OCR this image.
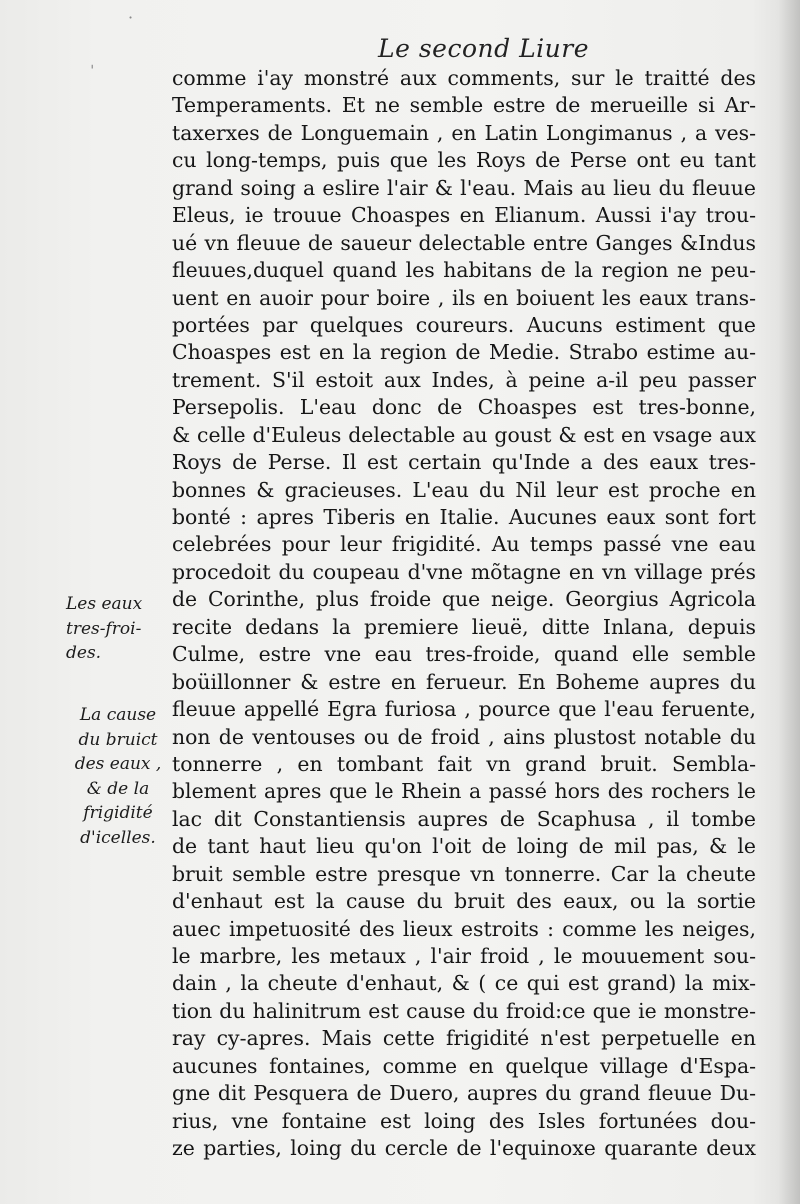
·
ˈ
Le second Liure
comme i'ay monstré aux comments, sur le traitté des
Temperaments. Et ne semble estre de merueille si Ar-
taxerxes de Longuemain , en Latin Longimanus , a ves-
cu long-temps, puis que les Roys de Perse ont eu tant
grand soing a eslire l'air & l'eau. Mais au lieu du fleuue
Eleus, ie trouue Choaspes en Elianum. Aussi i'ay trou-
ué vn fleuue de saueur delectable entre Ganges &Indus
fleuues,duquel quand les habitans de la region ne peu-
uent en auoir pour boire , ils en boiuent les eaux trans-
portées par quelques coureurs. Aucuns estiment que
Choaspes est en la region de Medie. Strabo estime au-
trement. S'il estoit aux Indes, à peine a-il peu passer
Persepolis. L'eau donc de Choaspes est tres-bonne,
& celle d'Euleus delectable au goust & est en vsage aux
Roys de Perse. Il est certain qu'Inde a des eaux tres-
bonnes & gracieuses. L'eau du Nil leur est proche en
bonté : apres Tiberis en Italie. Aucunes eaux sont fort
celebrées pour leur frigidité. Au temps passé vne eau
procedoit du coupeau d'vne mõtagne en vn village prés
de Corinthe, plus froide que neige. Georgius Agricola
recite dedans la premiere lieuë, ditte Inlana, depuis
Culme, estre vne eau tres-froide, quand elle semble
boüillonner & estre en ferueur. En Boheme aupres du
fleuue appellé Egra furiosa , pource que l'eau feruente,
non de ventouses ou de froid , ains plustost notable du
tonnerre , en tombant fait vn grand bruit. Sembla-
blement apres que le Rhein a passé hors des rochers le
lac dit Constantiensis aupres de Scaphusa , il tombe
de tant haut lieu qu'on l'oit de loing de mil pas, & le
bruit semble estre presque vn tonnerre. Car la cheute
d'enhaut est la cause du bruit des eaux, ou la sortie
auec impetuosité des lieux estroits : comme les neiges,
le marbre, les metaux , l'air froid , le mouuement sou-
dain , la cheute d'enhaut, & ( ce qui est grand) la mix-
tion du halinitrum est cause du froid:ce que ie monstre-
ray cy-apres. Mais cette frigidité n'est perpetuelle en
aucunes fontaines, comme en quelque village d'Espa-
gne dit Pesquera de Duero, aupres du grand fleuue Du-
rius, vne fontaine est loing des Isles fortunées dou-
ze parties, loing du cercle de l'equinoxe quarante deux
Les eaux
tres-froi-
des.
La cause
du bruict
des eaux ,
& de la
frigidité
d'icelles.
